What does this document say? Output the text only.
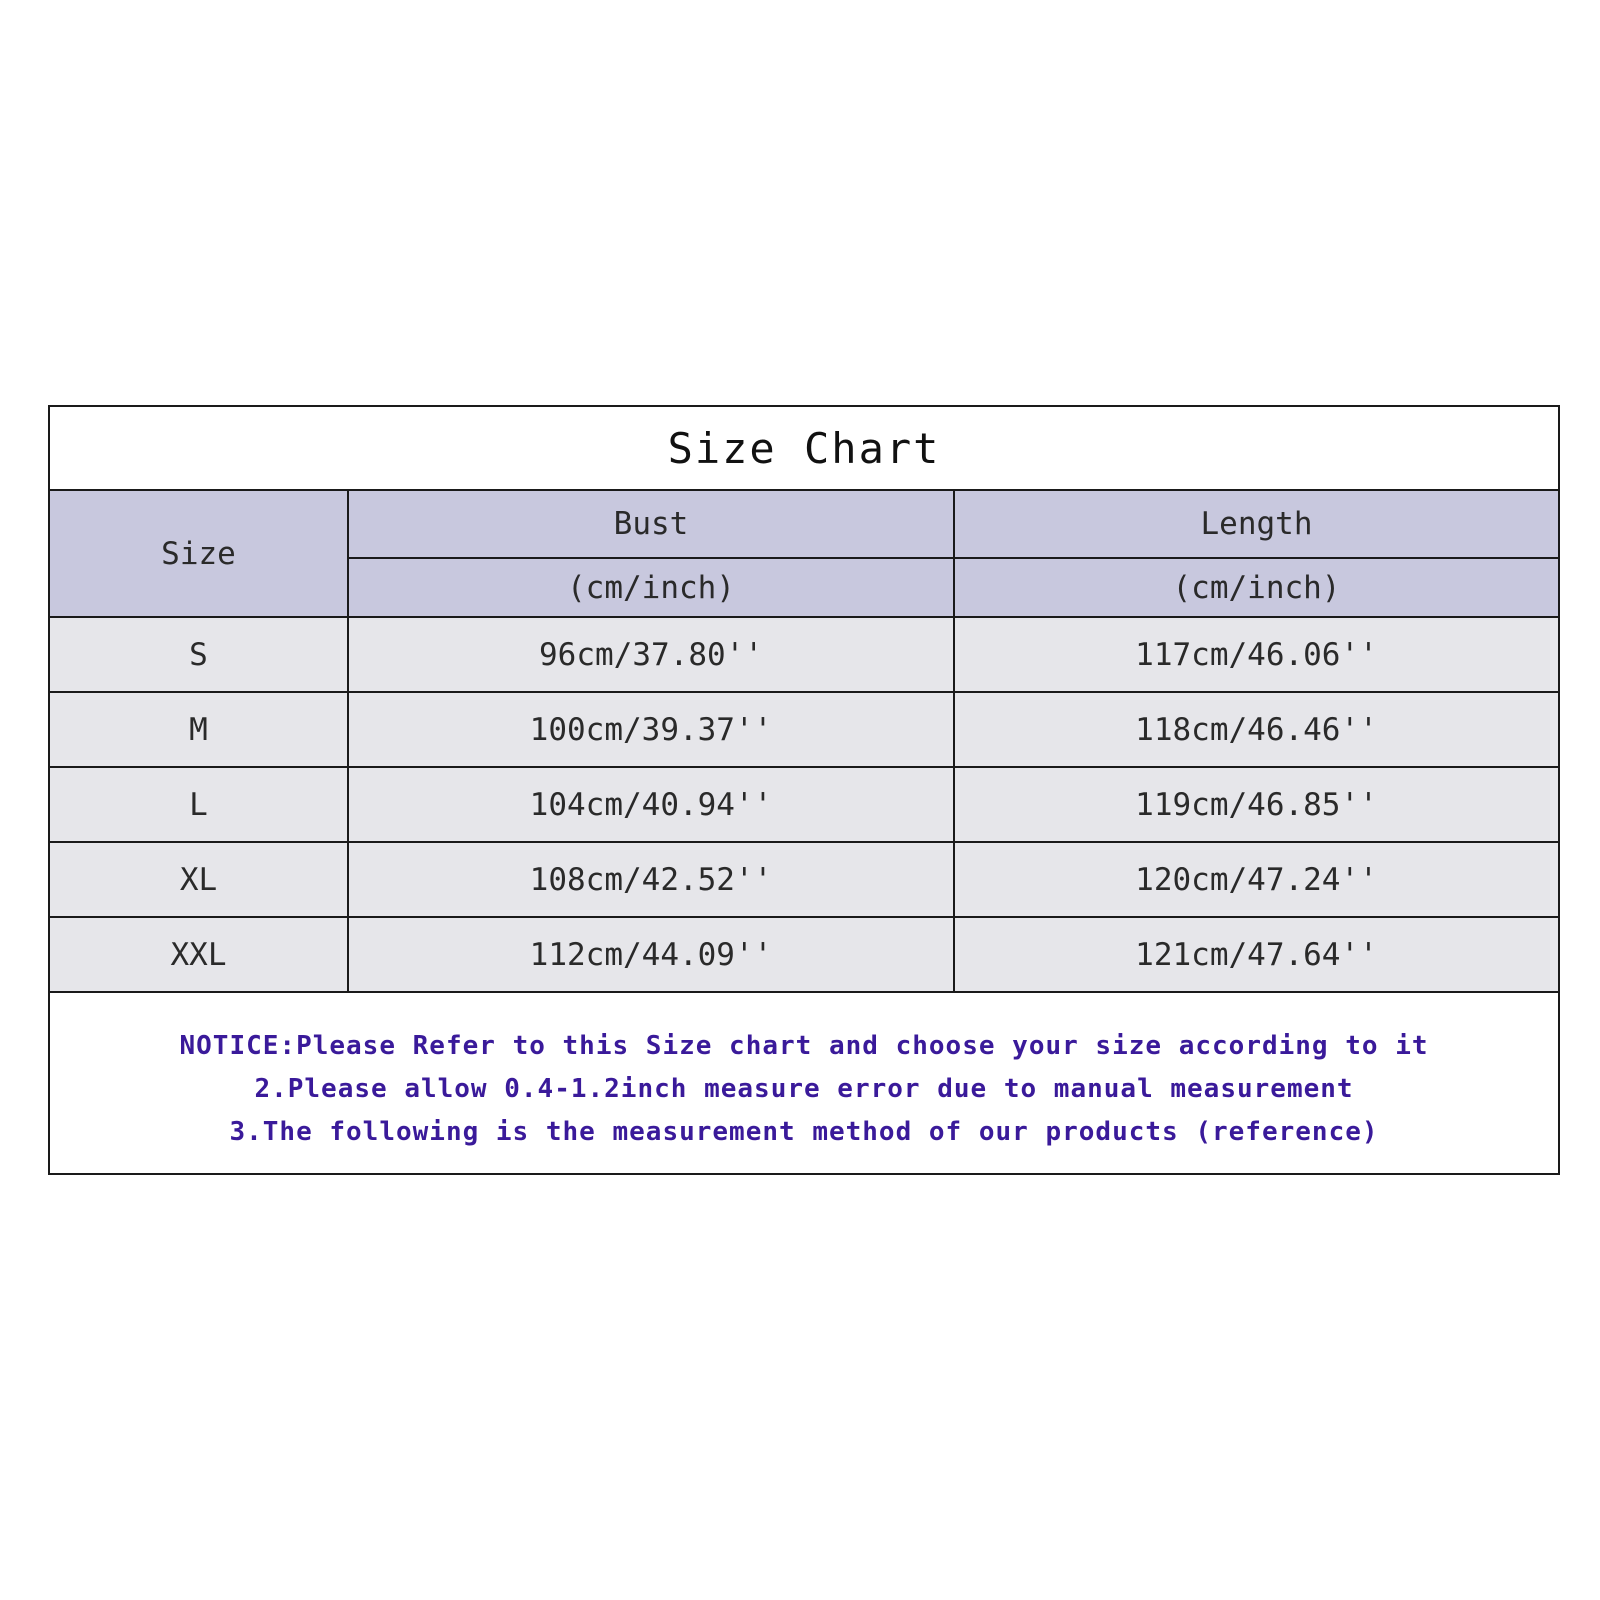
Size Chart
Size	Bust	Length
	(cm/inch)	(cm/inch)
S	96cm/37.80''	117cm/46.06''
M	100cm/39.37''	118cm/46.46''
L	104cm/40.94''	119cm/46.85''
XL	108cm/42.52''	120cm/47.24''
XXL	112cm/44.09''	121cm/47.64''
NOTICE:Please Refer to this Size chart and choose your size according to it
2.Please allow 0.4-1.2inch measure error due to manual measurement
3.The following is the measurement method of our products (reference)
